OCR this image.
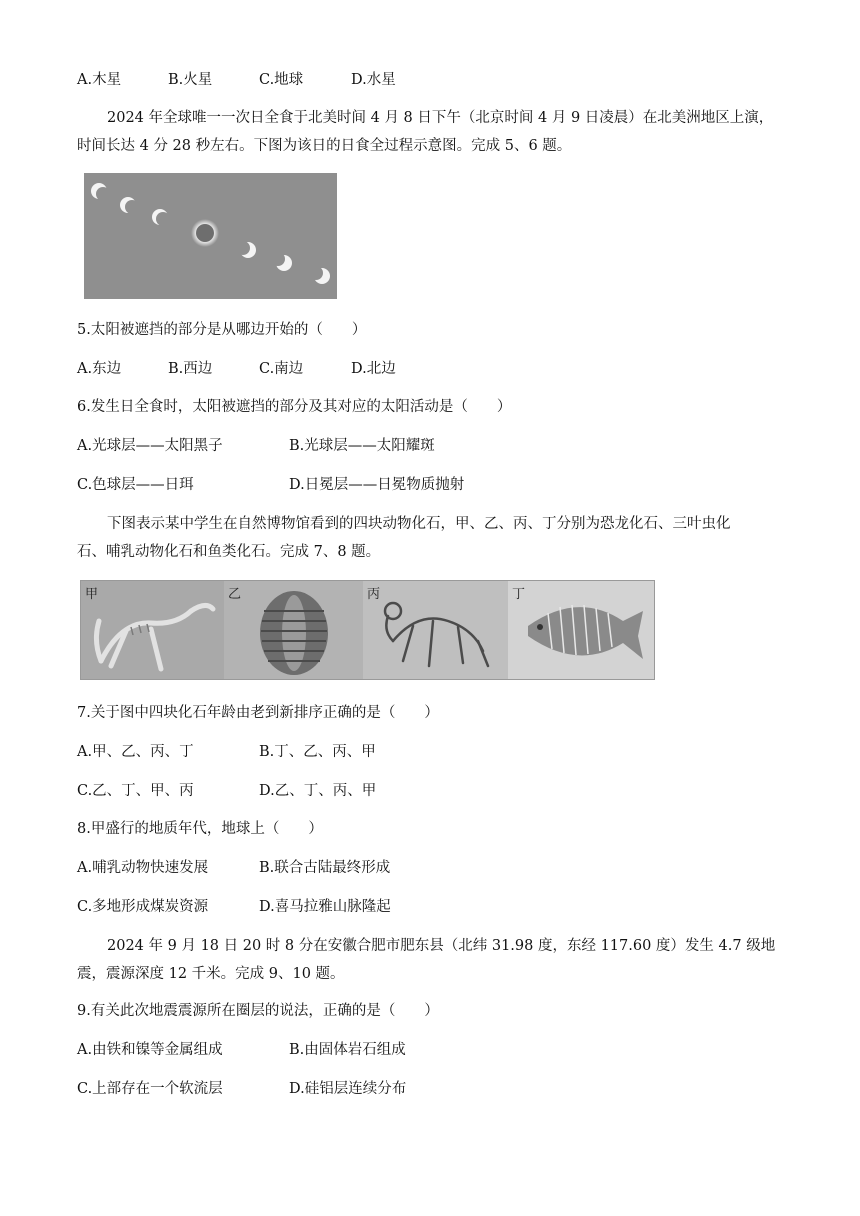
A.木星	B.火星	C.地球	D.水星
2024 年全球唯一一次日全食于北美时间 4 月 8 日下午（北京时间 4 月 9 日凌晨）在北美洲地区上演，
时间长达 4 分 28 秒左右。下图为该日的日食全过程示意图。完成 5、6 题。
5.太阳被遮挡的部分是从哪边开始的（　　）
A.东边	B.西边	C.南边	D.北边
6.发生日全食时，太阳被遮挡的部分及其对应的太阳活动是（　　）
A.光球层——太阳黑子	B.光球层——太阳耀斑
C.色球层——日珥	D.日冕层——日冕物质抛射
下图表示某中学生在自然博物馆看到的四块动物化石，甲、乙、丙、丁分别为恐龙化石、三叶虫化
石、哺乳动物化石和鱼类化石。完成 7、8 题。
甲	乙	丙	丁
7.关于图中四块化石年龄由老到新排序正确的是（　　）
A.甲、乙、丙、丁	B.丁、乙、丙、甲
C.乙、丁、甲、丙	D.乙、丁、丙、甲
8.甲盛行的地质年代，地球上（　　）
A.哺乳动物快速发展	B.联合古陆最终形成
C.多地形成煤炭资源	D.喜马拉雅山脉隆起
2024 年 9 月 18 日 20 时 8 分在安徽合肥市肥东县（北纬 31.98 度，东经 117.60 度）发生 4.7 级地
震，震源深度 12 千米。完成 9、10 题。
9.有关此次地震震源所在圈层的说法，正确的是（　　）
A.由铁和镍等金属组成	B.由固体岩石组成
C.上部存在一个软流层	D.硅铝层连续分布
